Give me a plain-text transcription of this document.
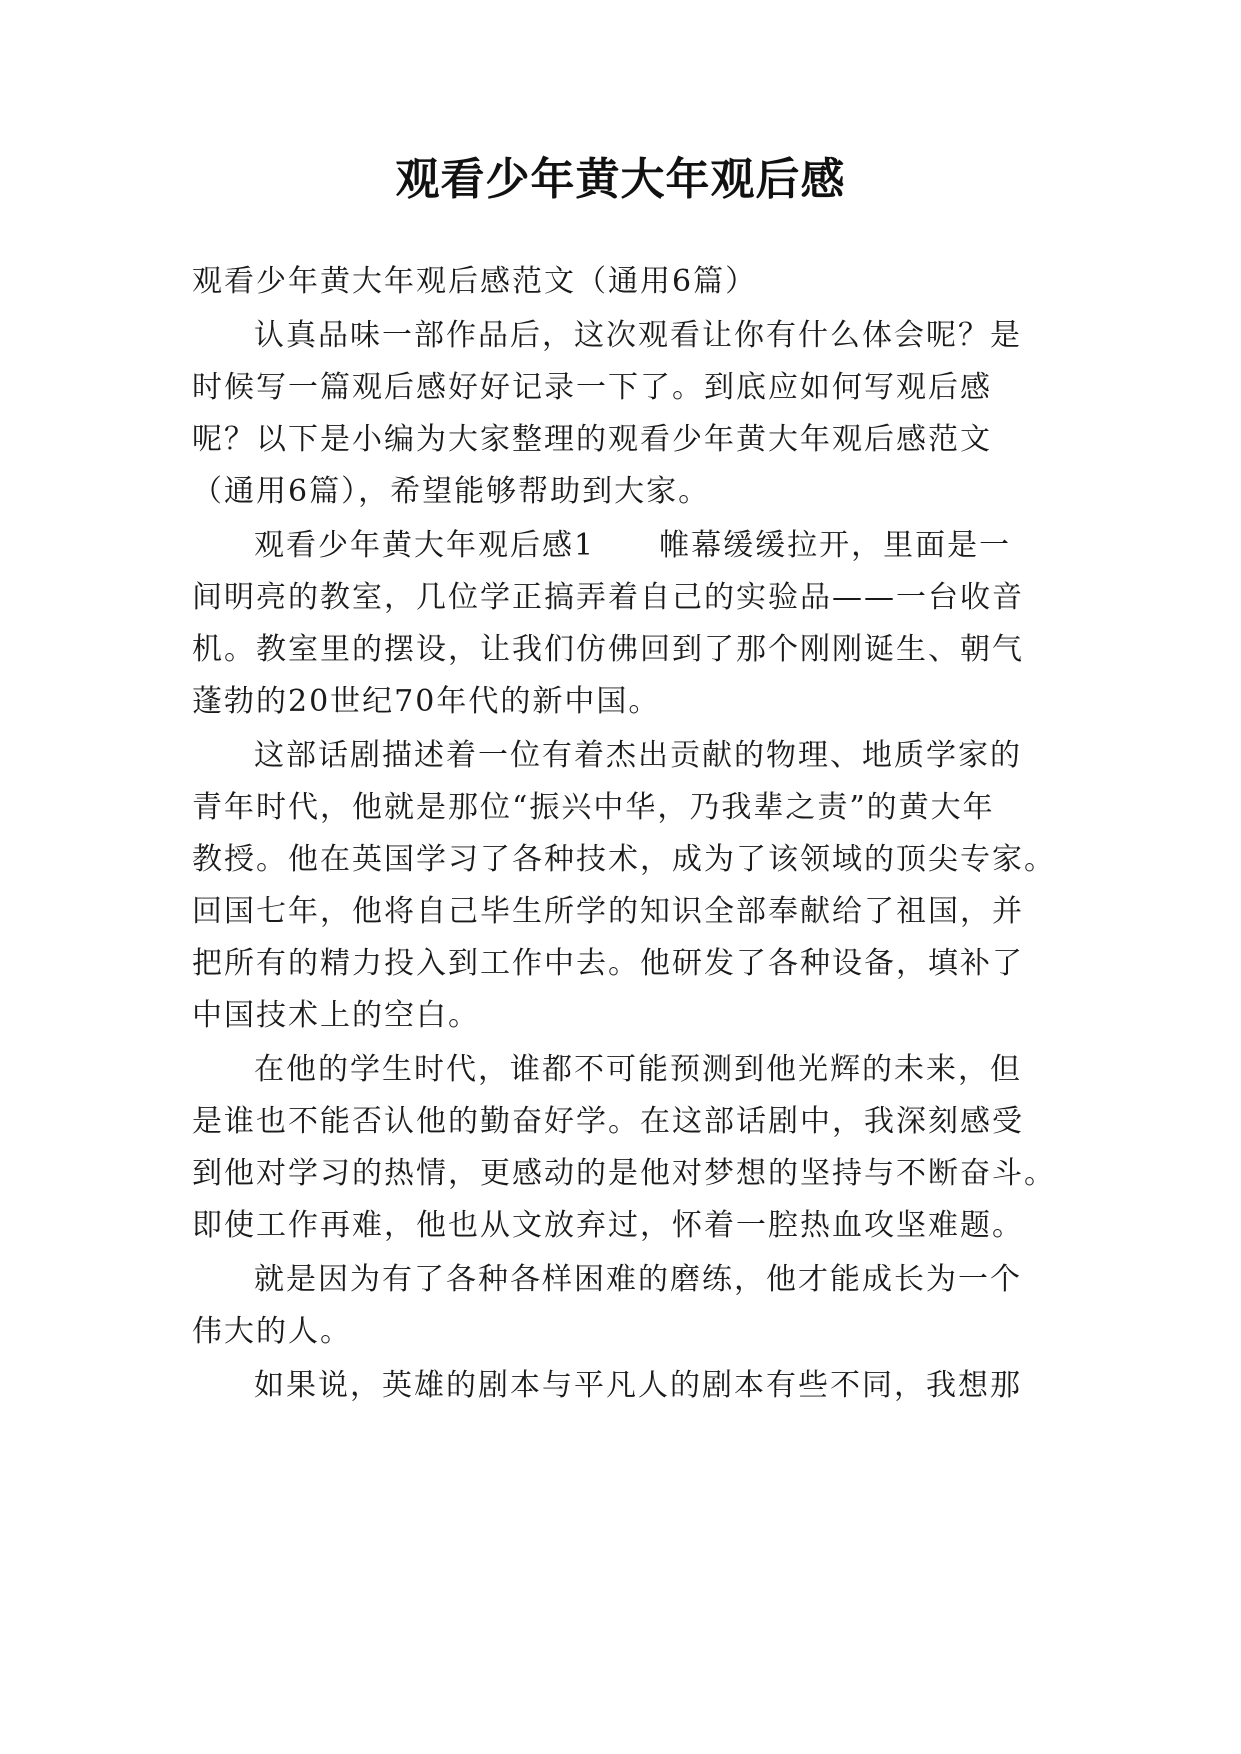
观看少年黄大年观后感
观看少年黄大年观后感范文（通用6篇）
认真品味一部作品后，这次观看让你有什么体会呢？是
时候写一篇观后感好好记录一下了。到底应如何写观后感
呢？以下是小编为大家整理的观看少年黄大年观后感范文
（通用6篇），希望能够帮助到大家。
观看少年黄大年观后感1　　帷幕缓缓拉开，里面是一
间明亮的教室，几位学正搞弄着自己的实验品——一台收音
机。教室里的摆设，让我们仿佛回到了那个刚刚诞生、朝气
蓬勃的20世纪70年代的新中国。
这部话剧描述着一位有着杰出贡献的物理、地质学家的
青年时代，他就是那位“振兴中华，乃我辈之责”的黄大年
教授。他在英国学习了各种技术，成为了该领域的顶尖专家。
回国七年，他将自己毕生所学的知识全部奉献给了祖国，并
把所有的精力投入到工作中去。他研发了各种设备，填补了
中国技术上的空白。
在他的学生时代，谁都不可能预测到他光辉的未来，但
是谁也不能否认他的勤奋好学。在这部话剧中，我深刻感受
到他对学习的热情，更感动的是他对梦想的坚持与不断奋斗。
即使工作再难，他也从文放弃过，怀着一腔热血攻坚难题。
就是因为有了各种各样困难的磨练，他才能成长为一个
伟大的人。
如果说，英雄的剧本与平凡人的剧本有些不同，我想那
